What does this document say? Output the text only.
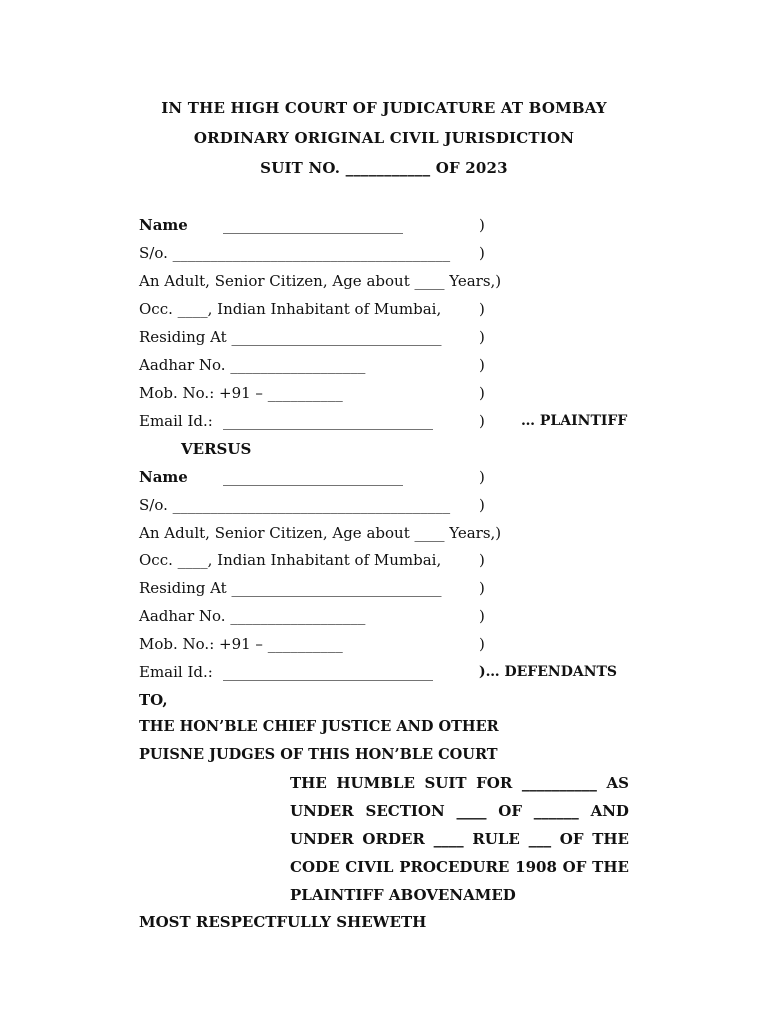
IN THE HIGH COURT OF JUDICATURE AT BOMBAY
ORDINARY ORIGINAL CIVIL JURISDICTION
SUIT NO. ___________ OF 2023
Name ________________________	)
S/o. _____________________________________ )
An Adult, Senior Citizen, Age about ____ Years,)
Occ. ____, Indian Inhabitant of Mumbai,	)
Residing At ____________________________	)
Aadhar No. __________________	)
Mob. No.: +91 – __________	)
Email Id.: ____________________________	)	… PLAINTIFF
VERSUS
Name ________________________	)
S/o. _____________________________________ )
An Adult, Senior Citizen, Age about ____ Years,)
Occ. ____, Indian Inhabitant of Mumbai,	)
Residing At ____________________________	)
Aadhar No. __________________	)
Mob. No.: +91 – __________	)
Email Id.: ____________________________	)… DEFENDANTS
TO,
THE HON’BLE CHIEF JUSTICE AND OTHER
PUISNE JUDGES OF THIS HON’BLE COURT
THE HUMBLE SUIT FOR __________ AS
UNDER SECTION ____ OF ______ AND
UNDER ORDER ____ RULE ___ OF THE
CODE CIVIL PROCEDURE 1908 OF THE
PLAINTIFF ABOVENAMED
MOST RESPECTFULLY SHEWETH
